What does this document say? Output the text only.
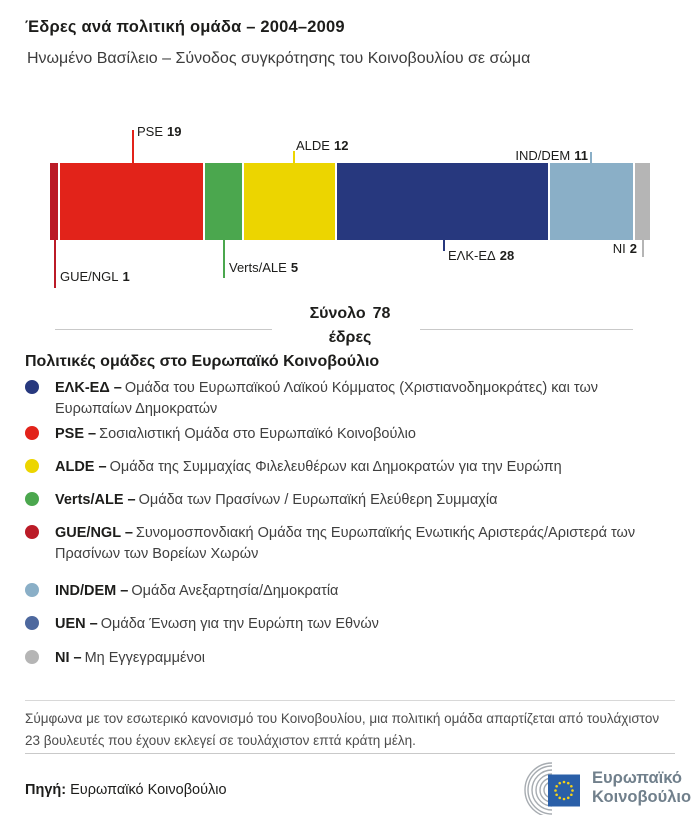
Έδρες ανά πολιτική ομάδα – 2004–2009
Ηνωμένο Βασίλειο – Σύνοδος συγκρότησης του Κοινοβουλίου σε σώμα
GUE/NGL 1
PSE 19
Verts/ALE 5
ALDE 12
ΕΛΚ-ΕΔ 28
IND/DEM 11
NI 2
Σύνολο 78
έδρες
Πολιτικές ομάδες στο Ευρωπαϊκό Κοινοβούλιο
ΕΛΚ-ΕΔ – Ομάδα του Ευρωπαϊκού Λαϊκού Κόμματος (Χριστιανοδημοκράτες) και των Ευρωπαίων Δημοκρατών
PSE – Σοσιαλιστική Ομάδα στο Ευρωπαϊκό Κοινοβούλιο
ALDE – Ομάδα της Συμμαχίας Φιλελευθέρων και Δημοκρατών για την Ευρώπη
Verts/ALE – Ομάδα των Πρασίνων / Ευρωπαϊκή Ελεύθερη Συμμαχία
GUE/NGL – Συνομοσπονδιακή Ομάδα της Ευρωπαϊκής Ενωτικής Αριστεράς/Αριστερά των Πρασίνων των Βορείων Χωρών
IND/DEM – Ομάδα Ανεξαρτησία/Δημοκρατία
UEN – Ομάδα Ένωση για την Ευρώπη των Εθνών
NI – Μη Εγγεγραμμένοι
Σύμφωνα με τον εσωτερικό κανονισμό του Κοινοβουλίου, μια πολιτική ομάδα απαρτίζεται από τουλάχιστον 23 βουλευτές που έχουν εκλεγεί σε τουλάχιστον επτά κράτη μέλη.
Πηγή: Ευρωπαϊκό Κοινοβούλιο
Ευρωπαϊκό
Κοινοβούλιο
